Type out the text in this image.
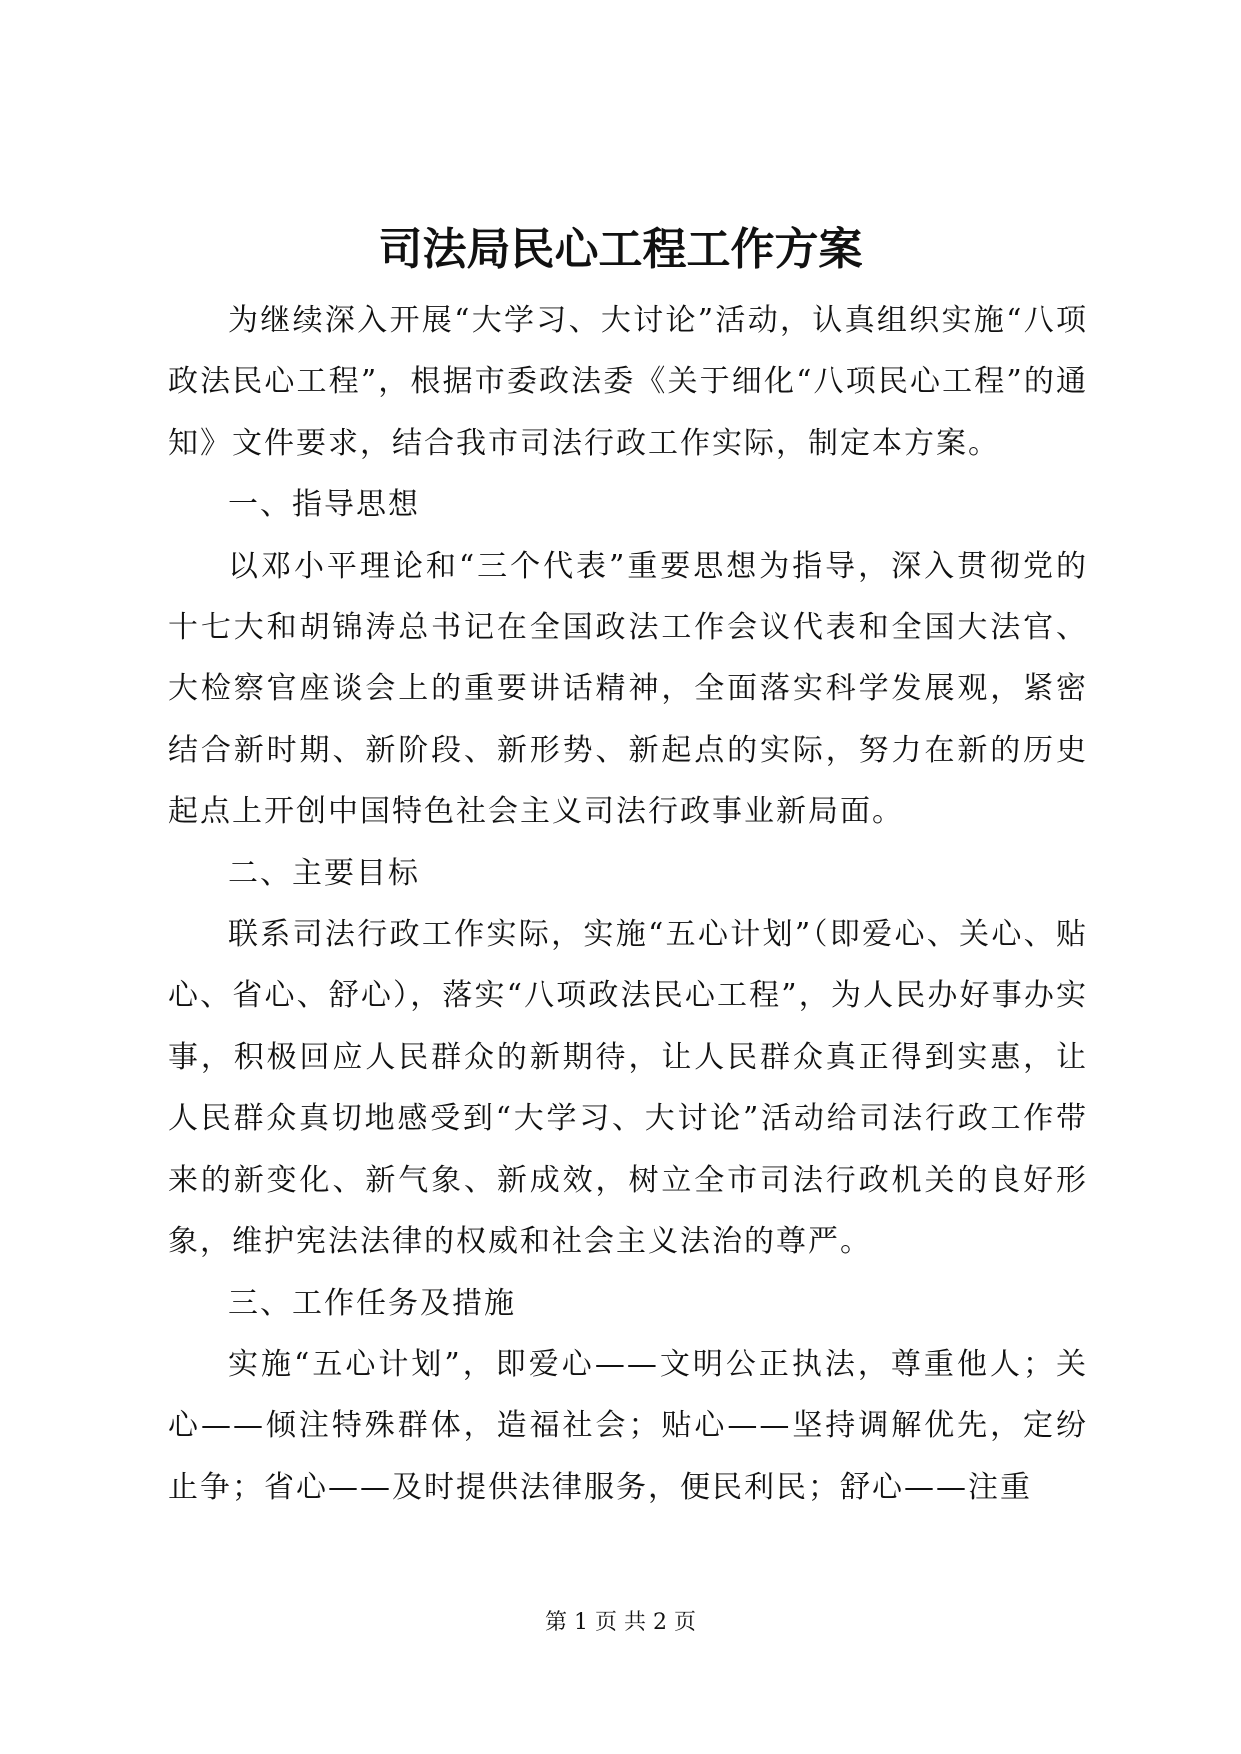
司法局民心工程工作方案

为继续深入开展“大学习、大讨论”活动，认真组织实施“八项政法民心工程”，根据市委政法委《关于细化“八项民心工程”的通知》文件要求，结合我市司法行政工作实际，制定本方案。

一、指导思想

以邓小平理论和“三个代表”重要思想为指导，深入贯彻党的十七大和胡锦涛总书记在全国政法工作会议代表和全国大法官、大检察官座谈会上的重要讲话精神，全面落实科学发展观，紧密结合新时期、新阶段、新形势、新起点的实际，努力在新的历史起点上开创中国特色社会主义司法行政事业新局面。

二、主要目标

联系司法行政工作实际，实施“五心计划”（即爱心、关心、贴心、省心、舒心），落实“八项政法民心工程”，为人民办好事办实事，积极回应人民群众的新期待，让人民群众真正得到实惠，让人民群众真切地感受到“大学习、大讨论”活动给司法行政工作带来的新变化、新气象、新成效，树立全市司法行政机关的良好形象，维护宪法法律的权威和社会主义法治的尊严。

三、工作任务及措施

实施“五心计划”，即爱心——文明公正执法，尊重他人；关心——倾注特殊群体，造福社会；贴心——坚持调解优先，定纷止争；省心——及时提供法律服务，便民利民；舒心——注重

第 1 页 共 2 页
